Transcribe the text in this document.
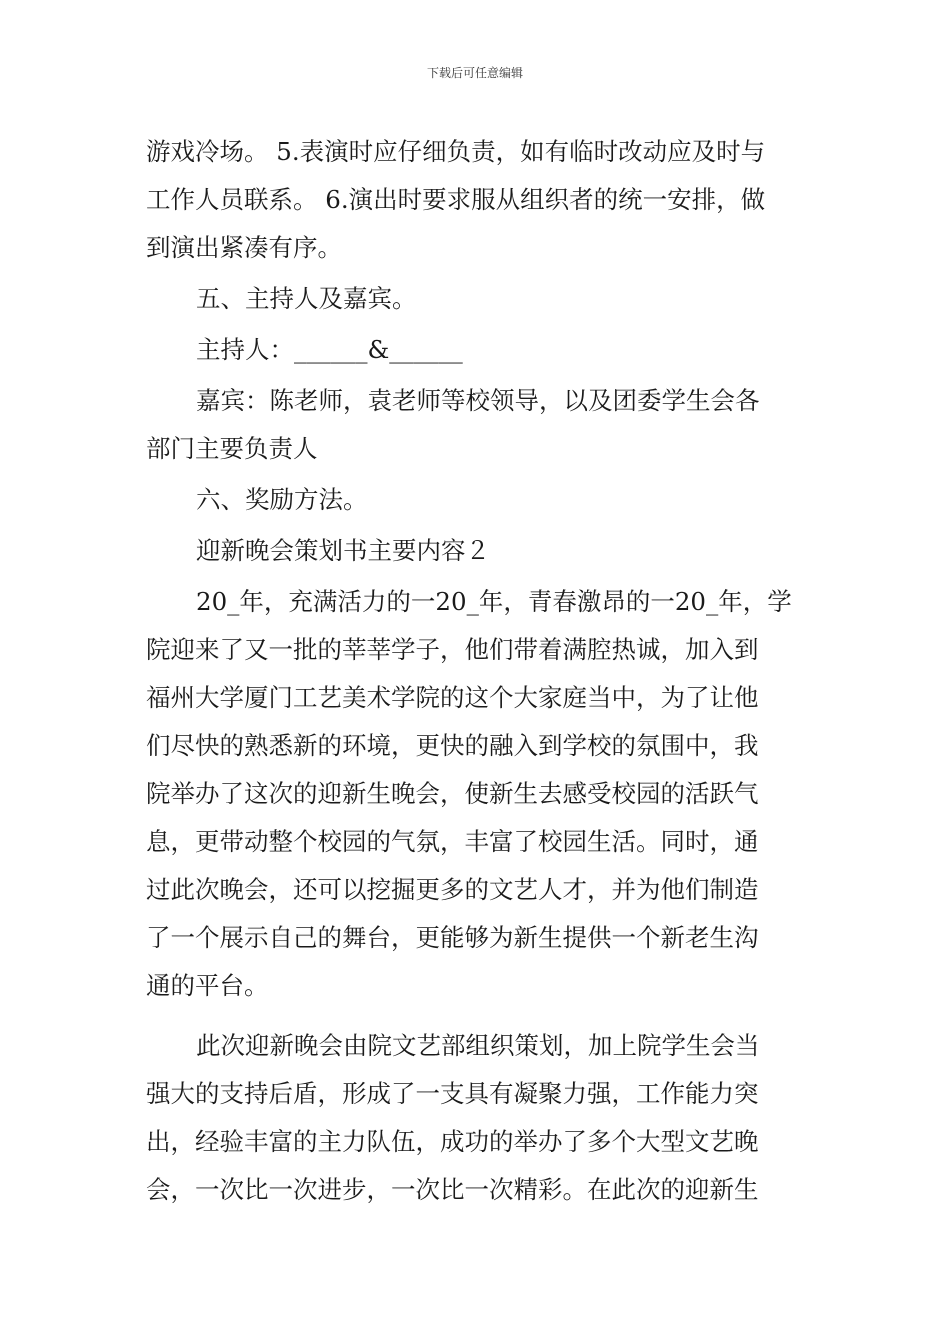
下载后可任意编辑
游戏冷场。 5.表演时应仔细负责，如有临时改动应及时与
工作人员联系。 6.演出时要求服从组织者的统一安排，做
到演出紧凑有序。
五、主持人及嘉宾。
主持人：______&______
嘉宾：陈老师，袁老师等校领导，以及团委学生会各
部门主要负责人
六、奖励方法。
迎新晚会策划书主要内容２
20_年，充满活力的一20_年，青春激昂的一20_年，学
院迎来了又一批的莘莘学子，他们带着满腔热诚，加入到
福州大学厦门工艺美术学院的这个大家庭当中，为了让他
们尽快的熟悉新的环境，更快的融入到学校的氛围中，我
院举办了这次的迎新生晚会，使新生去感受校园的活跃气
息，更带动整个校园的气氛，丰富了校园生活。同时，通
过此次晚会，还可以挖掘更多的文艺人才，并为他们制造
了一个展示自己的舞台，更能够为新生提供一个新老生沟
通的平台。
此次迎新晚会由院文艺部组织策划，加上院学生会当
强大的支持后盾，形成了一支具有凝聚力强，工作能力突
出，经验丰富的主力队伍，成功的举办了多个大型文艺晚
会，一次比一次进步，一次比一次精彩。在此次的迎新生
